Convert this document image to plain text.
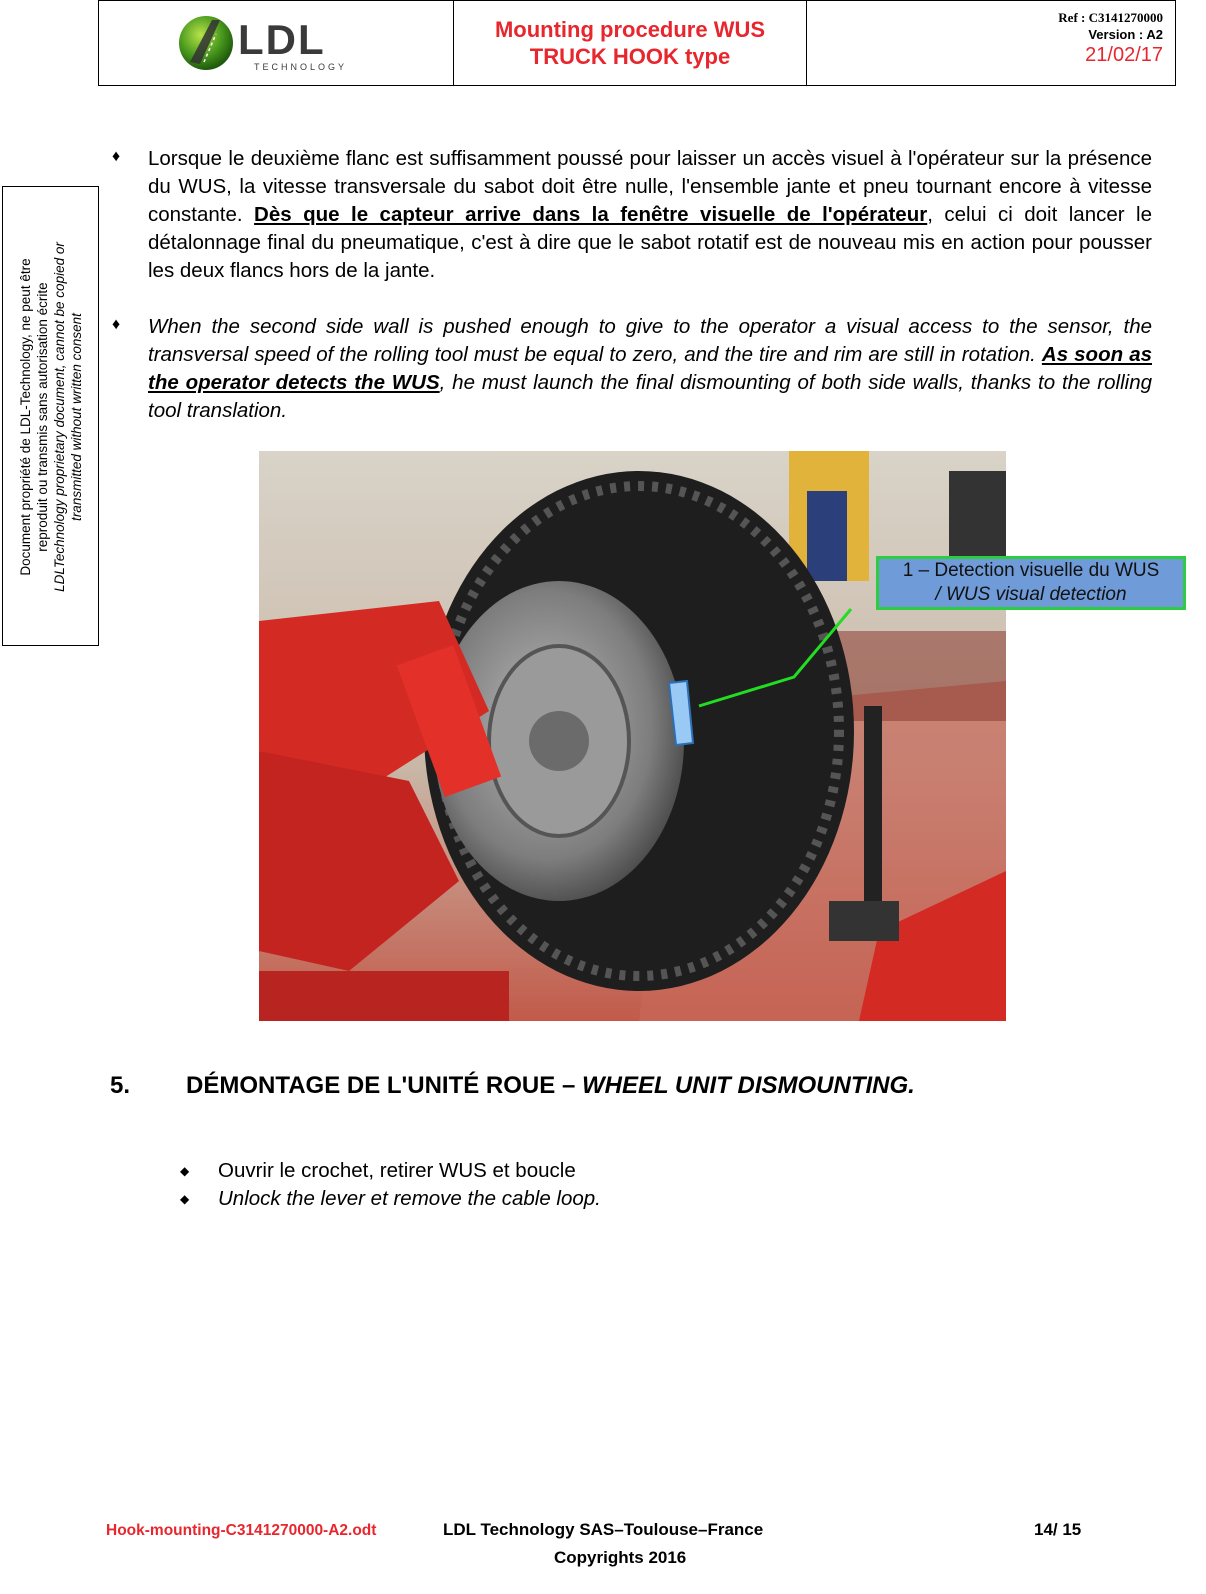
LDL
TECHNOLOGY
Mounting procedure WUS
TRUCK HOOK type
Ref : C3141270000
Version : A2
21/02/17
Document propriété de LDL-Technology, ne peut être reproduit ou transmis sans autorisation écrite LDLTechnology proprietary document, cannot be copied or transmitted without written consent
♦ Lorsque le deuxième flanc est suffisamment poussé pour laisser un accès visuel à l'opérateur sur la présence du WUS, la vitesse transversale du sabot doit être nulle, l'ensemble jante et pneu tournant encore à vitesse constante. Dès que le capteur arrive dans la fenêtre visuelle de l'opérateur, celui ci doit lancer le détalonnage final du pneumatique, c'est à dire que le sabot rotatif est de nouveau mis en action pour pousser les deux flancs hors de la jante.
♦ When the second side wall is pushed enough to give to the operator a visual access to the sensor, the transversal speed of the rolling tool must be equal to zero, and the tire and rim are still in rotation. As soon as the operator detects the WUS, he must launch the final dismounting of both side walls, thanks to the rolling tool translation.
1 – Detection visuelle du WUS
/ WUS visual detection
5. DÉMONTAGE DE L'UNITÉ ROUE – WHEEL UNIT DISMOUNTING.
◆ Ouvrir le crochet, retirer WUS et boucle
◆ Unlock the lever et remove the cable loop.
Hook-mounting-C3141270000-A2.odt	LDL Technology SAS–Toulouse–France	14/ 15
Copyrights 2016
